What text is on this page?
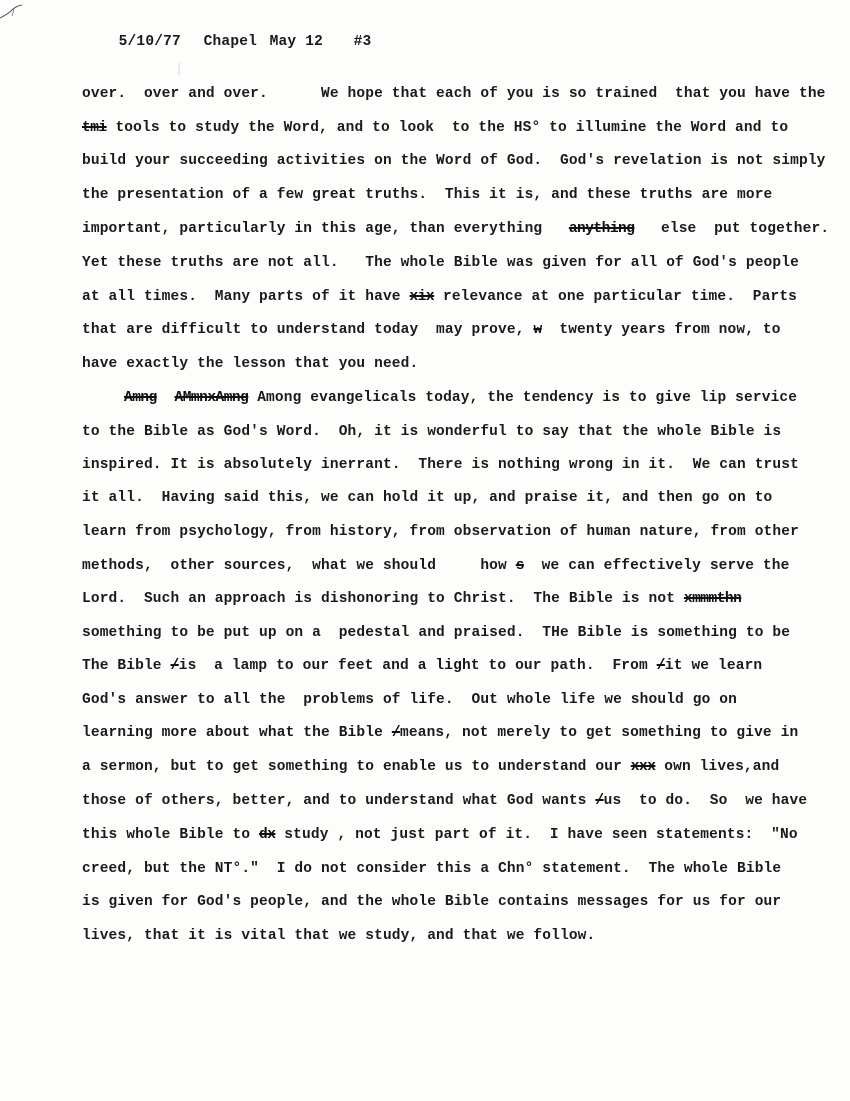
5/10/77 Chapel May 12 #3

over.  over and over.      We hope that each of you is so trained  that you have the
tmi tools to study the Word, and to look  to the HS° to illumine the Word and to
build your succeeding activities on the Word of God.  God's revelation is not simply
the presentation of a few great truths.  This it is, and these truths are more
important, particularly in this age, than everything   anything   else  put together.
Yet these truths are not all.   The whole Bible was given for all of God's people
at all times.  Many parts of it have xix relevance at one particular time.  Parts
that are difficult to understand today  may prove, w  twenty years from now, to
have exactly the lesson that you need.
Amng AMmnxAmng Among evangelicals today, the tendency is to give lip service
to the Bible as God's Word.  Oh, it is wonderful to say that the whole Bible is
inspired. It is absolutely inerrant.  There is nothing wrong in it.  We can trust
it all.  Having said this, we can hold it up, and praise it, and then go on to
learn from psychology, from history, from observation of human nature, from other
methods,  other sources,  what we should     how s  we can effectively serve the
Lord.  Such an approach is dishonoring to Christ.  The Bible is not xmmmthn
something to be put up on a  pedestal and praised.  THe Bible is something to be
The Bible /is  a lamp to our feet and a light to our path.  From /it we learn
God's answer to all the  problems of life.  Out whole life we should go on
learning more about what the Bible /means, not merely to get something to give in
a sermon, but to get something to enable us to understand our xxx own lives,and
those of others, better, and to understand what God wants /us  to do.  So  we have
this whole Bible to dx study , not just part of it.  I have seen statements:  "No
creed, but the NT°."  I do not consider this a Chn° statement.  The whole Bible
is given for God's people, and the whole Bible contains messages for us for our
lives, that it is vital that we study, and that we follow.
